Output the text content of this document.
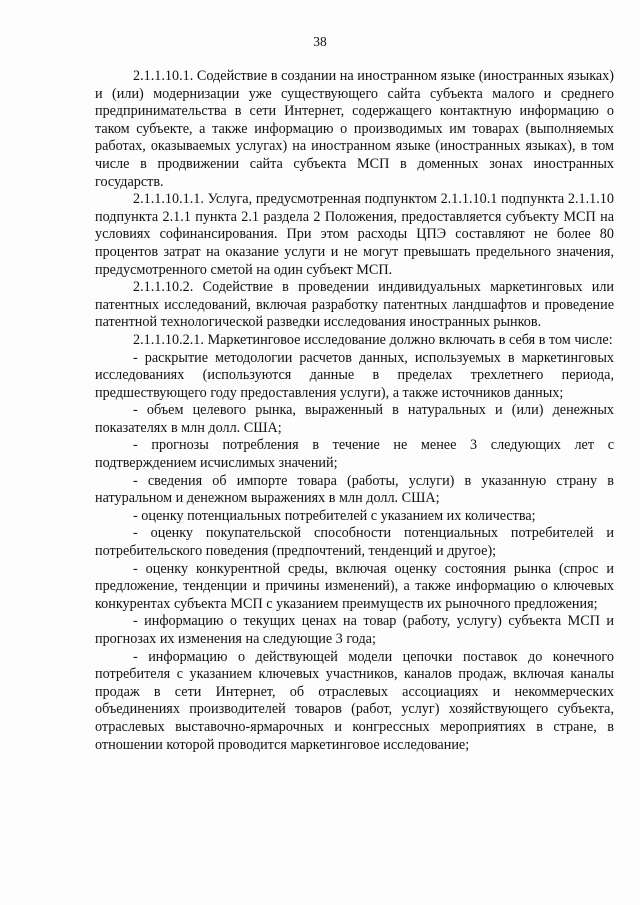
38

2.1.1.10.1. Содействие в создании на иностранном языке (иностранных языках) и (или) модернизации уже существующего сайта субъекта малого и среднего предпринимательства в сети Интернет, содержащего контактную информацию о таком субъекте, а также информацию о производимых им товарах (выполняемых работах, оказываемых услугах) на иностранном языке (иностранных языках), в том числе в продвижении сайта субъекта МСП в доменных зонах иностранных государств.

2.1.1.10.1.1. Услуга, предусмотренная подпунктом 2.1.1.10.1 подпункта 2.1.1.10 подпункта 2.1.1 пункта 2.1 раздела 2 Положения, предоставляется субъекту МСП на условиях софинансирования. При этом расходы ЦПЭ составляют не более 80 процентов затрат на оказание услуги и не могут превышать предельного значения, предусмотренного сметой на один субъект МСП.

2.1.1.10.2. Содействие в проведении индивидуальных маркетинговых или патентных исследований, включая разработку патентных ландшафтов и проведение патентной технологической разведки исследования иностранных рынков.

2.1.1.10.2.1. Маркетинговое исследование должно включать в себя в том числе:

- раскрытие методологии расчетов данных, используемых в маркетинговых исследованиях (используются данные в пределах трехлетнего периода, предшествующего году предоставления услуги), а также источников данных;

- объем целевого рынка, выраженный в натуральных и (или) денежных показателях в млн долл. США;

- прогнозы потребления в течение не менее 3 следующих лет с подтверждением исчислимых значений;

- сведения об импорте товара (работы, услуги) в указанную страну в натуральном и денежном выражениях в млн долл. США;

- оценку потенциальных потребителей с указанием их количества;

- оценку покупательской способности потенциальных потребителей и потребительского поведения (предпочтений, тенденций и другое);

- оценку конкурентной среды, включая оценку состояния рынка (спрос и предложение, тенденции и причины изменений), а также информацию о ключевых конкурентах субъекта МСП с указанием преимуществ их рыночного предложения;

- информацию о текущих ценах на товар (работу, услугу) субъекта МСП и прогнозах их изменения на следующие 3 года;

- информацию о действующей модели цепочки поставок до конечного потребителя с указанием ключевых участников, каналов продаж, включая каналы продаж в сети Интернет, об отраслевых ассоциациях и некоммерческих объединениях производителей товаров (работ, услуг) хозяйствующего субъекта, отраслевых выставочно-ярмарочных и конгрессных мероприятиях в стране, в отношении которой проводится маркетинговое исследование;
